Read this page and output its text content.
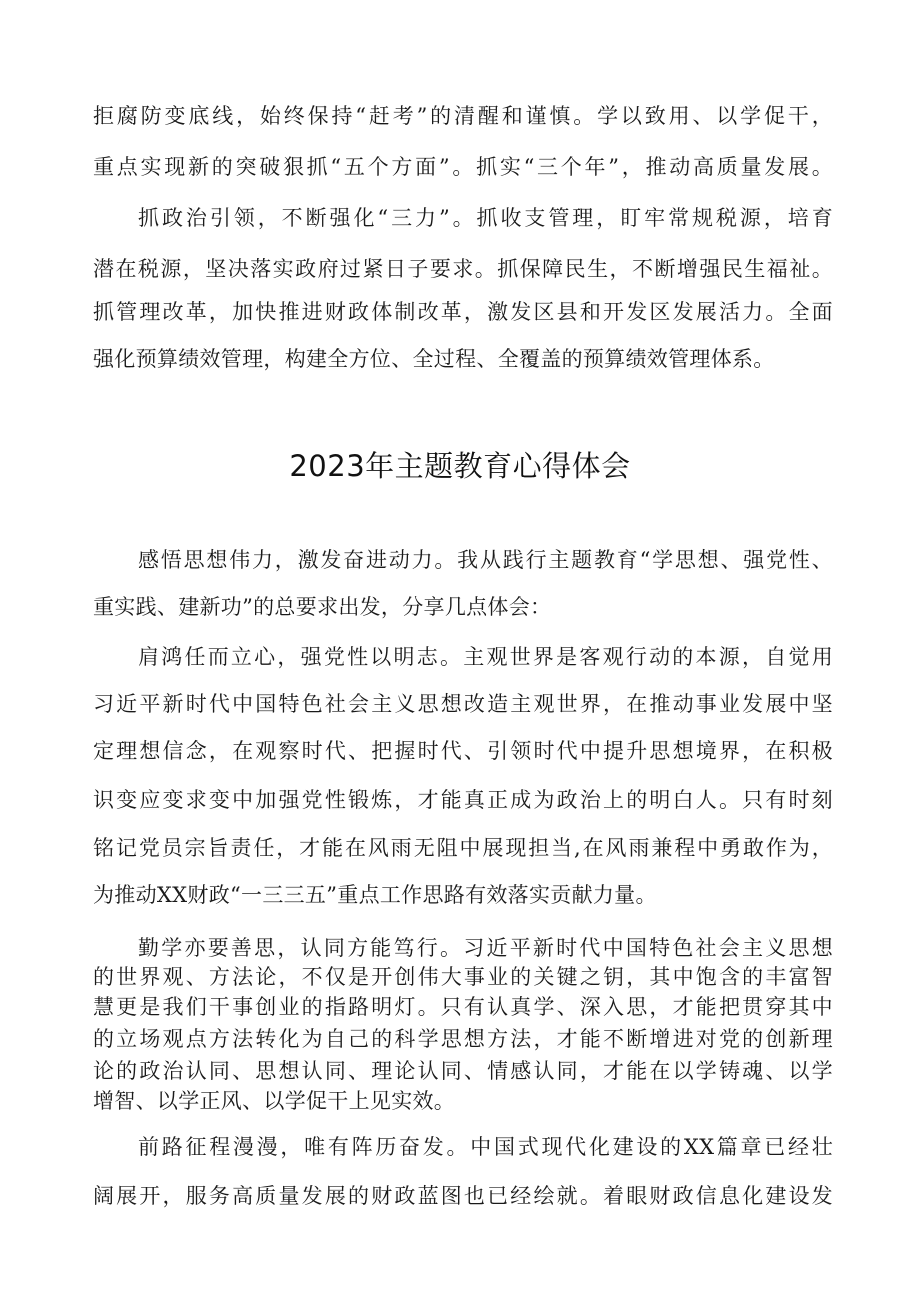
拒腐防变底线，始终保持“赶考”的清醒和谨慎。学以致用、以学促干，
重点实现新的突破狠抓“五个方面”。抓实“三个年”，推动高质量发展。
抓政治引领，不断强化“三力”。抓收支管理，盯牢常规税源，培育
潜在税源，坚决落实政府过紧日子要求。抓保障民生，不断增强民生福祉。
抓管理改革，加快推进财政体制改革，激发区县和开发区发展活力。全面
强化预算绩效管理，构建全方位、全过程、全覆盖的预算绩效管理体系。
2023年主题教育心得体会
感悟思想伟力，激发奋进动力。我从践行主题教育“学思想、强党性、
重实践、建新功”的总要求出发，分享几点体会：
肩鸿任而立心，强党性以明志。主观世界是客观行动的本源，自觉用
习近平新时代中国特色社会主义思想改造主观世界，在推动事业发展中坚
定理想信念，在观察时代、把握时代、引领时代中提升思想境界，在积极
识变应变求变中加强党性锻炼，才能真正成为政治上的明白人。只有时刻
铭记党员宗旨责任，才能在风雨无阻中展现担当,在风雨兼程中勇敢作为，
为推动XX财政“一三三五”重点工作思路有效落实贡献力量。
勤学亦要善思，认同方能笃行。习近平新时代中国特色社会主义思想
的世界观、方法论，不仅是开创伟大事业的关键之钥，其中饱含的丰富智
慧更是我们干事创业的指路明灯。只有认真学、深入思，才能把贯穿其中
的立场观点方法转化为自己的科学思想方法，才能不断增进对党的创新理
论的政治认同、思想认同、理论认同、情感认同，才能在以学铸魂、以学
增智、以学正风、以学促干上见实效。
前路征程漫漫，唯有阵历奋发。中国式现代化建设的XX篇章已经壮
阔展开，服务高质量发展的财政蓝图也已经绘就。着眼财政信息化建设发
